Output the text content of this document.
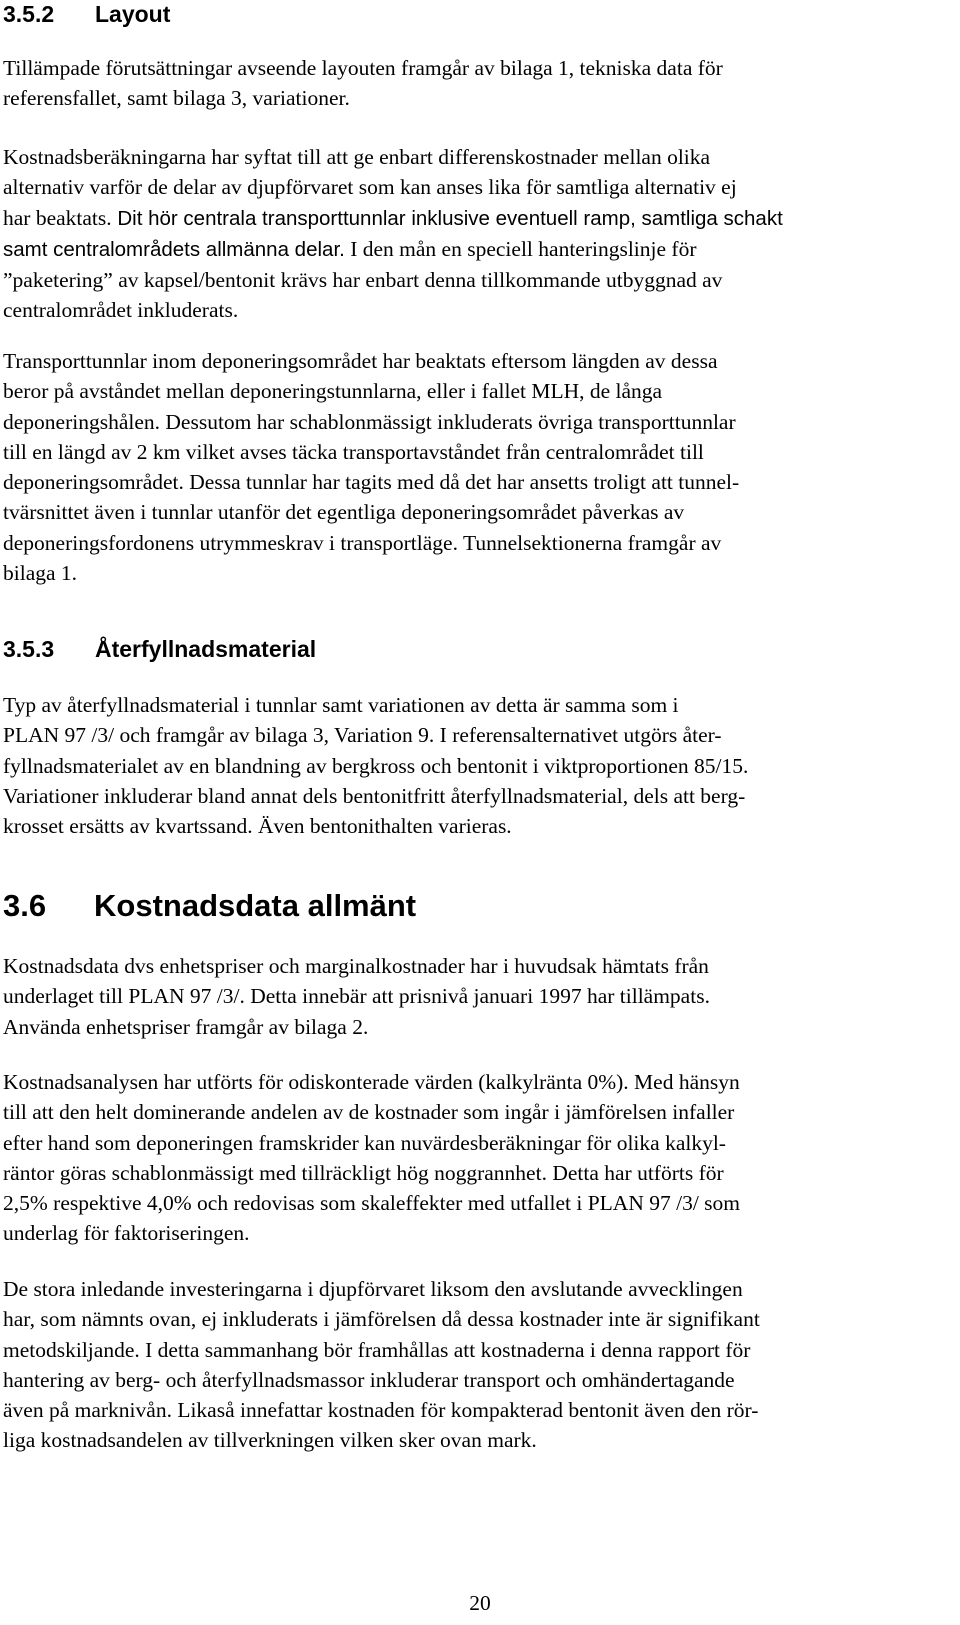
3.5.2 Layout

Tillämpade förutsättningar avseende layouten framgår av bilaga 1, tekniska data för
referensfallet, samt bilaga 3, variationer.

Kostnadsberäkningarna har syftat till att ge enbart differenskostnader mellan olika
alternativ varför de delar av djupförvaret som kan anses lika för samtliga alternativ ej
har beaktats. Dit hör centrala transporttunnlar inklusive eventuell ramp, samtliga schakt
samt centralområdets allmänna delar. I den mån en speciell hanteringslinje för
”paketering” av kapsel/bentonit krävs har enbart denna tillkommande utbyggnad av
centralområdet inkluderats.

Transporttunnlar inom deponeringsområdet har beaktats eftersom längden av dessa
beror på avståndet mellan deponeringstunnlarna, eller i fallet MLH, de långa
deponeringshålen. Dessutom har schablonmässigt inkluderats övriga transporttunnlar
till en längd av 2 km vilket avses täcka transportavståndet från centralområdet till
deponeringsområdet. Dessa tunnlar har tagits med då det har ansetts troligt att tunnel-
tvärsnittet även i tunnlar utanför det egentliga deponeringsområdet påverkas av
deponeringsfordonens utrymmeskrav i transportläge. Tunnelsektionerna framgår av
bilaga 1.

3.5.3 Återfyllnadsmaterial

Typ av återfyllnadsmaterial i tunnlar samt variationen av detta är samma som i
PLAN 97 /3/ och framgår av bilaga 3, Variation 9. I referensalternativet utgörs åter-
fyllnadsmaterialet av en blandning av bergkross och bentonit i viktproportionen 85/15.
Variationer inkluderar bland annat dels bentonitfritt återfyllnadsmaterial, dels att berg-
krosset ersätts av kvartssand. Även bentonithalten varieras.

3.6 Kostnadsdata allmänt

Kostnadsdata dvs enhetspriser och marginalkostnader har i huvudsak hämtats från
underlaget till PLAN 97 /3/. Detta innebär att prisnivå januari 1997 har tillämpats.
Använda enhetspriser framgår av bilaga 2.

Kostnadsanalysen har utförts för odiskonterade värden (kalkylränta 0%). Med hänsyn
till att den helt dominerande andelen av de kostnader som ingår i jämförelsen infaller
efter hand som deponeringen framskrider kan nuvärdesberäkningar för olika kalkyl-
räntor göras schablonmässigt med tillräckligt hög noggrannhet. Detta har utförts för
2,5% respektive 4,0% och redovisas som skaleffekter med utfallet i PLAN 97 /3/ som
underlag för faktoriseringen.

De stora inledande investeringarna i djupförvaret liksom den avslutande avvecklingen
har, som nämnts ovan, ej inkluderats i jämförelsen då dessa kostnader inte är signifikant
metodskiljande. I detta sammanhang bör framhållas att kostnaderna i denna rapport för
hantering av berg- och återfyllnadsmassor inkluderar transport och omhändertagande
även på marknivån. Likaså innefattar kostnaden för kompakterad bentonit även den rör-
liga kostnadsandelen av tillverkningen vilken sker ovan mark.

20
